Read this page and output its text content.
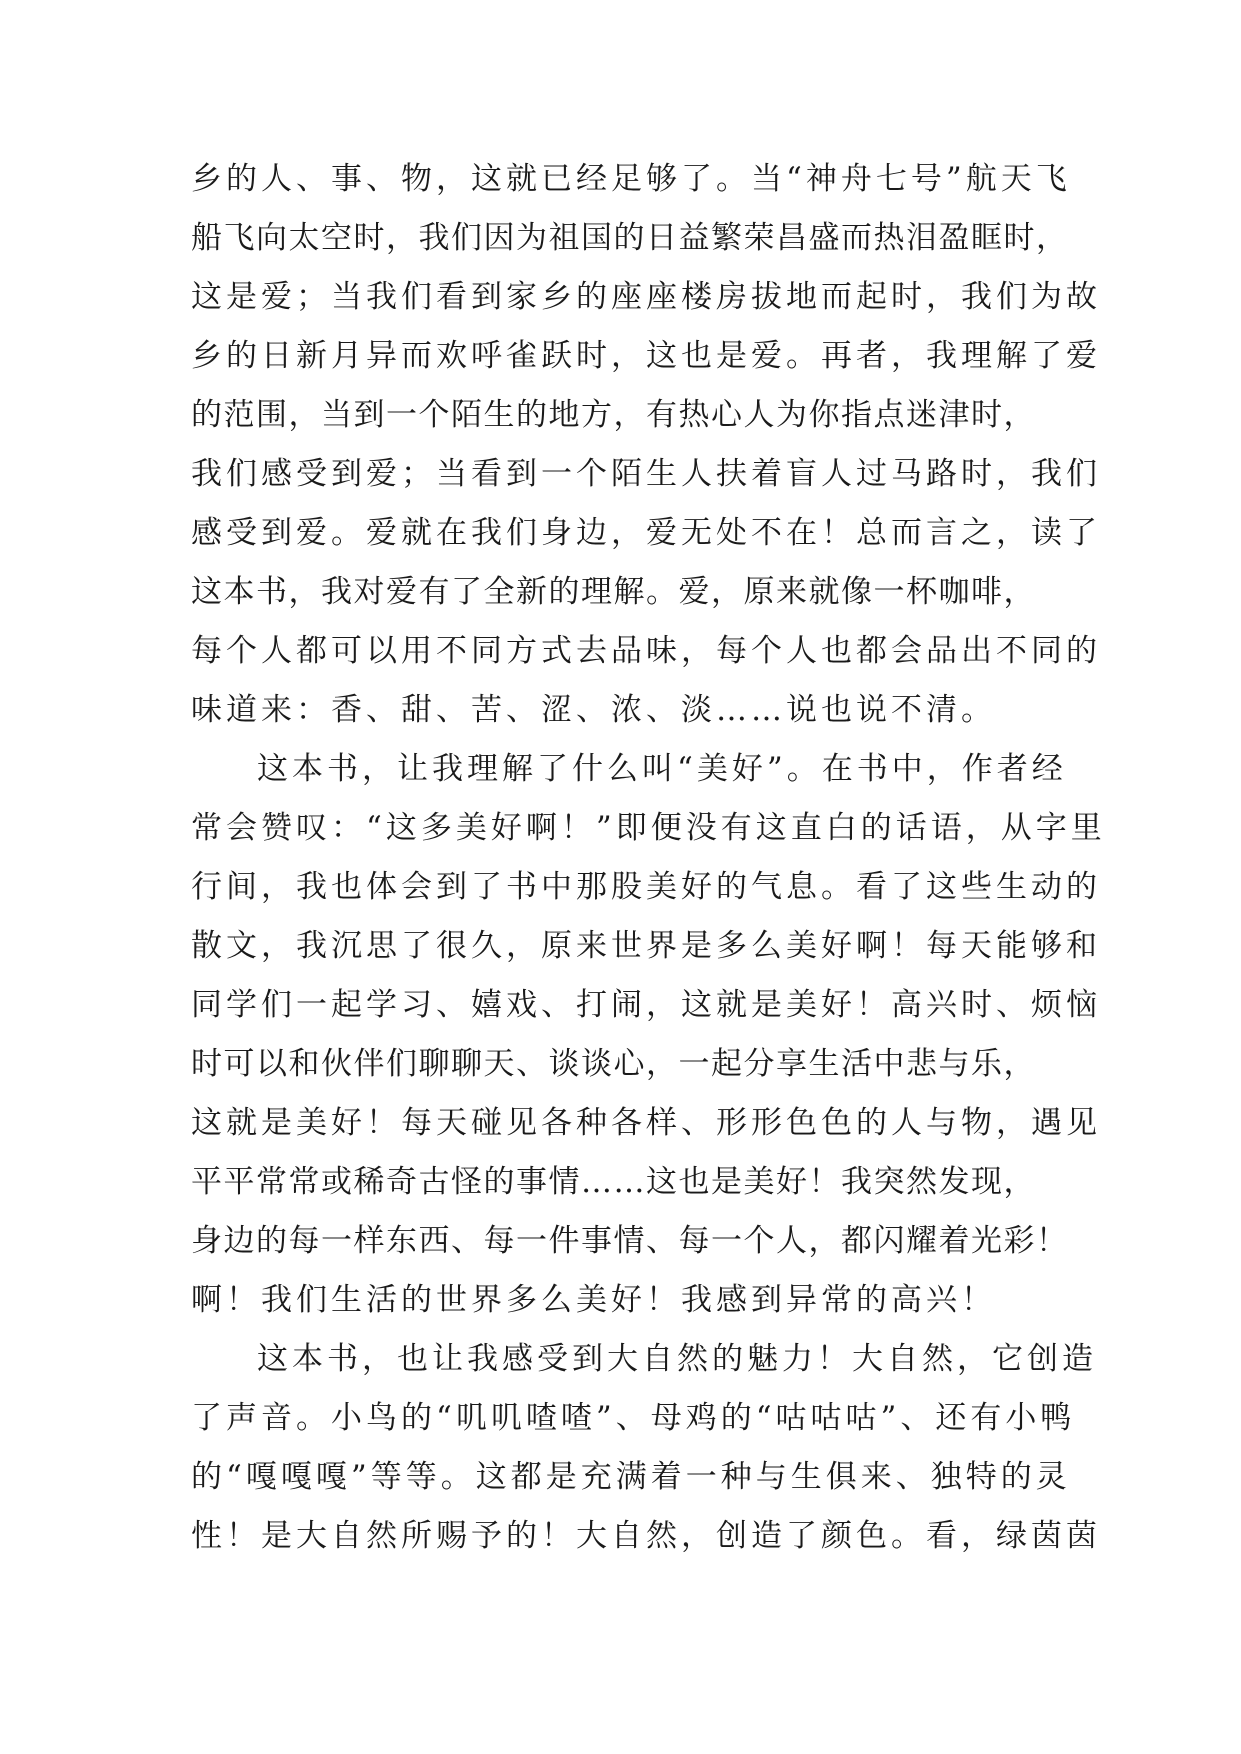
乡的人、事、物，这就已经足够了。当“神舟七号”航天飞
船飞向太空时，我们因为祖国的日益繁荣昌盛而热泪盈眶时，
这是爱；当我们看到家乡的座座楼房拔地而起时，我们为故
乡的日新月异而欢呼雀跃时，这也是爱。再者，我理解了爱
的范围，当到一个陌生的地方，有热心人为你指点迷津时，
我们感受到爱；当看到一个陌生人扶着盲人过马路时，我们
感受到爱。爱就在我们身边，爱无处不在！总而言之，读了
这本书，我对爱有了全新的理解。爱，原来就像一杯咖啡，
每个人都可以用不同方式去品味，每个人也都会品出不同的
味道来：香、甜、苦、涩、浓、淡……说也说不清。
这本书，让我理解了什么叫“美好”。在书中，作者经
常会赞叹：“这多美好啊！”即便没有这直白的话语，从字里
行间，我也体会到了书中那股美好的气息。看了这些生动的
散文，我沉思了很久，原来世界是多么美好啊！每天能够和
同学们一起学习、嬉戏、打闹，这就是美好！高兴时、烦恼
时可以和伙伴们聊聊天、谈谈心，一起分享生活中悲与乐，
这就是美好！每天碰见各种各样、形形色色的人与物，遇见
平平常常或稀奇古怪的事情……这也是美好！我突然发现，
身边的每一样东西、每一件事情、每一个人，都闪耀着光彩！
啊！我们生活的世界多么美好！我感到异常的高兴！
这本书，也让我感受到大自然的魅力！大自然，它创造
了声音。小鸟的“叽叽喳喳”、母鸡的“咕咕咕”、还有小鸭
的“嘎嘎嘎”等等。这都是充满着一种与生俱来、独特的灵
性！是大自然所赐予的！大自然，创造了颜色。看，绿茵茵
